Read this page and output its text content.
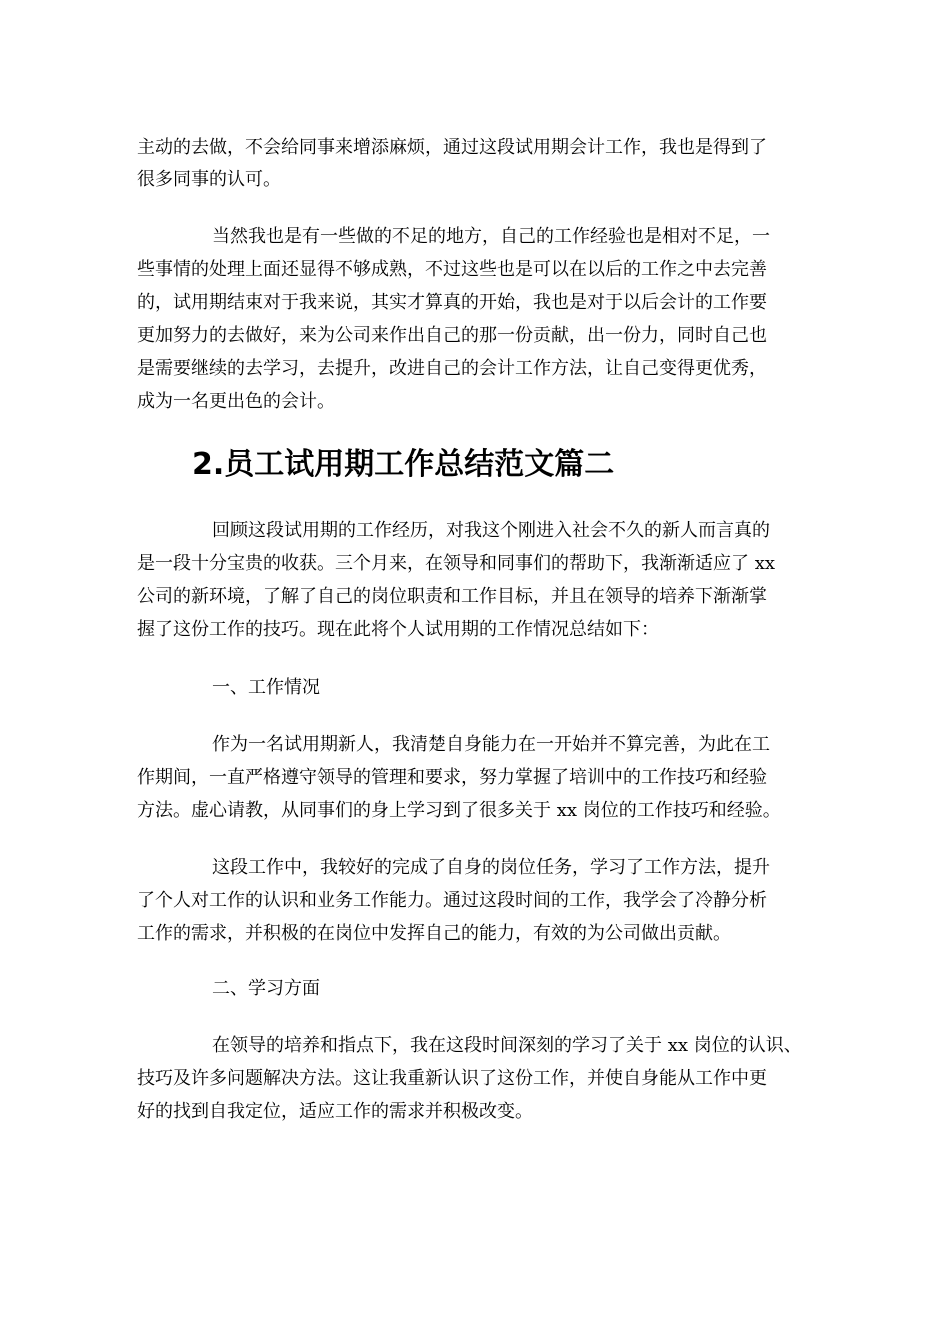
主动的去做，不会给同事来增添麻烦，通过这段试用期会计工作，我也是得到了
很多同事的认可。
当然我也是有一些做的不足的地方，自己的工作经验也是相对不足，一
些事情的处理上面还显得不够成熟，不过这些也是可以在以后的工作之中去完善
的，试用期结束对于我来说，其实才算真的开始，我也是对于以后会计的工作要
更加努力的去做好，来为公司来作出自己的那一份贡献，出一份力，同时自己也
是需要继续的去学习，去提升，改进自己的会计工作方法，让自己变得更优秀，
成为一名更出色的会计。
2.员工试用期工作总结范文篇二
回顾这段试用期的工作经历，对我这个刚进入社会不久的新人而言真的
是一段十分宝贵的收获。三个月来，在领导和同事们的帮助下，我渐渐适应了 xx
公司的新环境，了解了自己的岗位职责和工作目标，并且在领导的培养下渐渐掌
握了这份工作的技巧。现在此将个人试用期的工作情况总结如下：
一、工作情况
作为一名试用期新人，我清楚自身能力在一开始并不算完善，为此在工
作期间，一直严格遵守领导的管理和要求，努力掌握了培训中的工作技巧和经验
方法。虚心请教，从同事们的身上学习到了很多关于 xx 岗位的工作技巧和经验。
这段工作中，我较好的完成了自身的岗位任务，学习了工作方法，提升
了个人对工作的认识和业务工作能力。通过这段时间的工作，我学会了冷静分析
工作的需求，并积极的在岗位中发挥自己的能力，有效的为公司做出贡献。
二、学习方面
在领导的培养和指点下，我在这段时间深刻的学习了关于 xx 岗位的认识、
技巧及许多问题解决方法。这让我重新认识了这份工作，并使自身能从工作中更
好的找到自我定位，适应工作的需求并积极改变。
